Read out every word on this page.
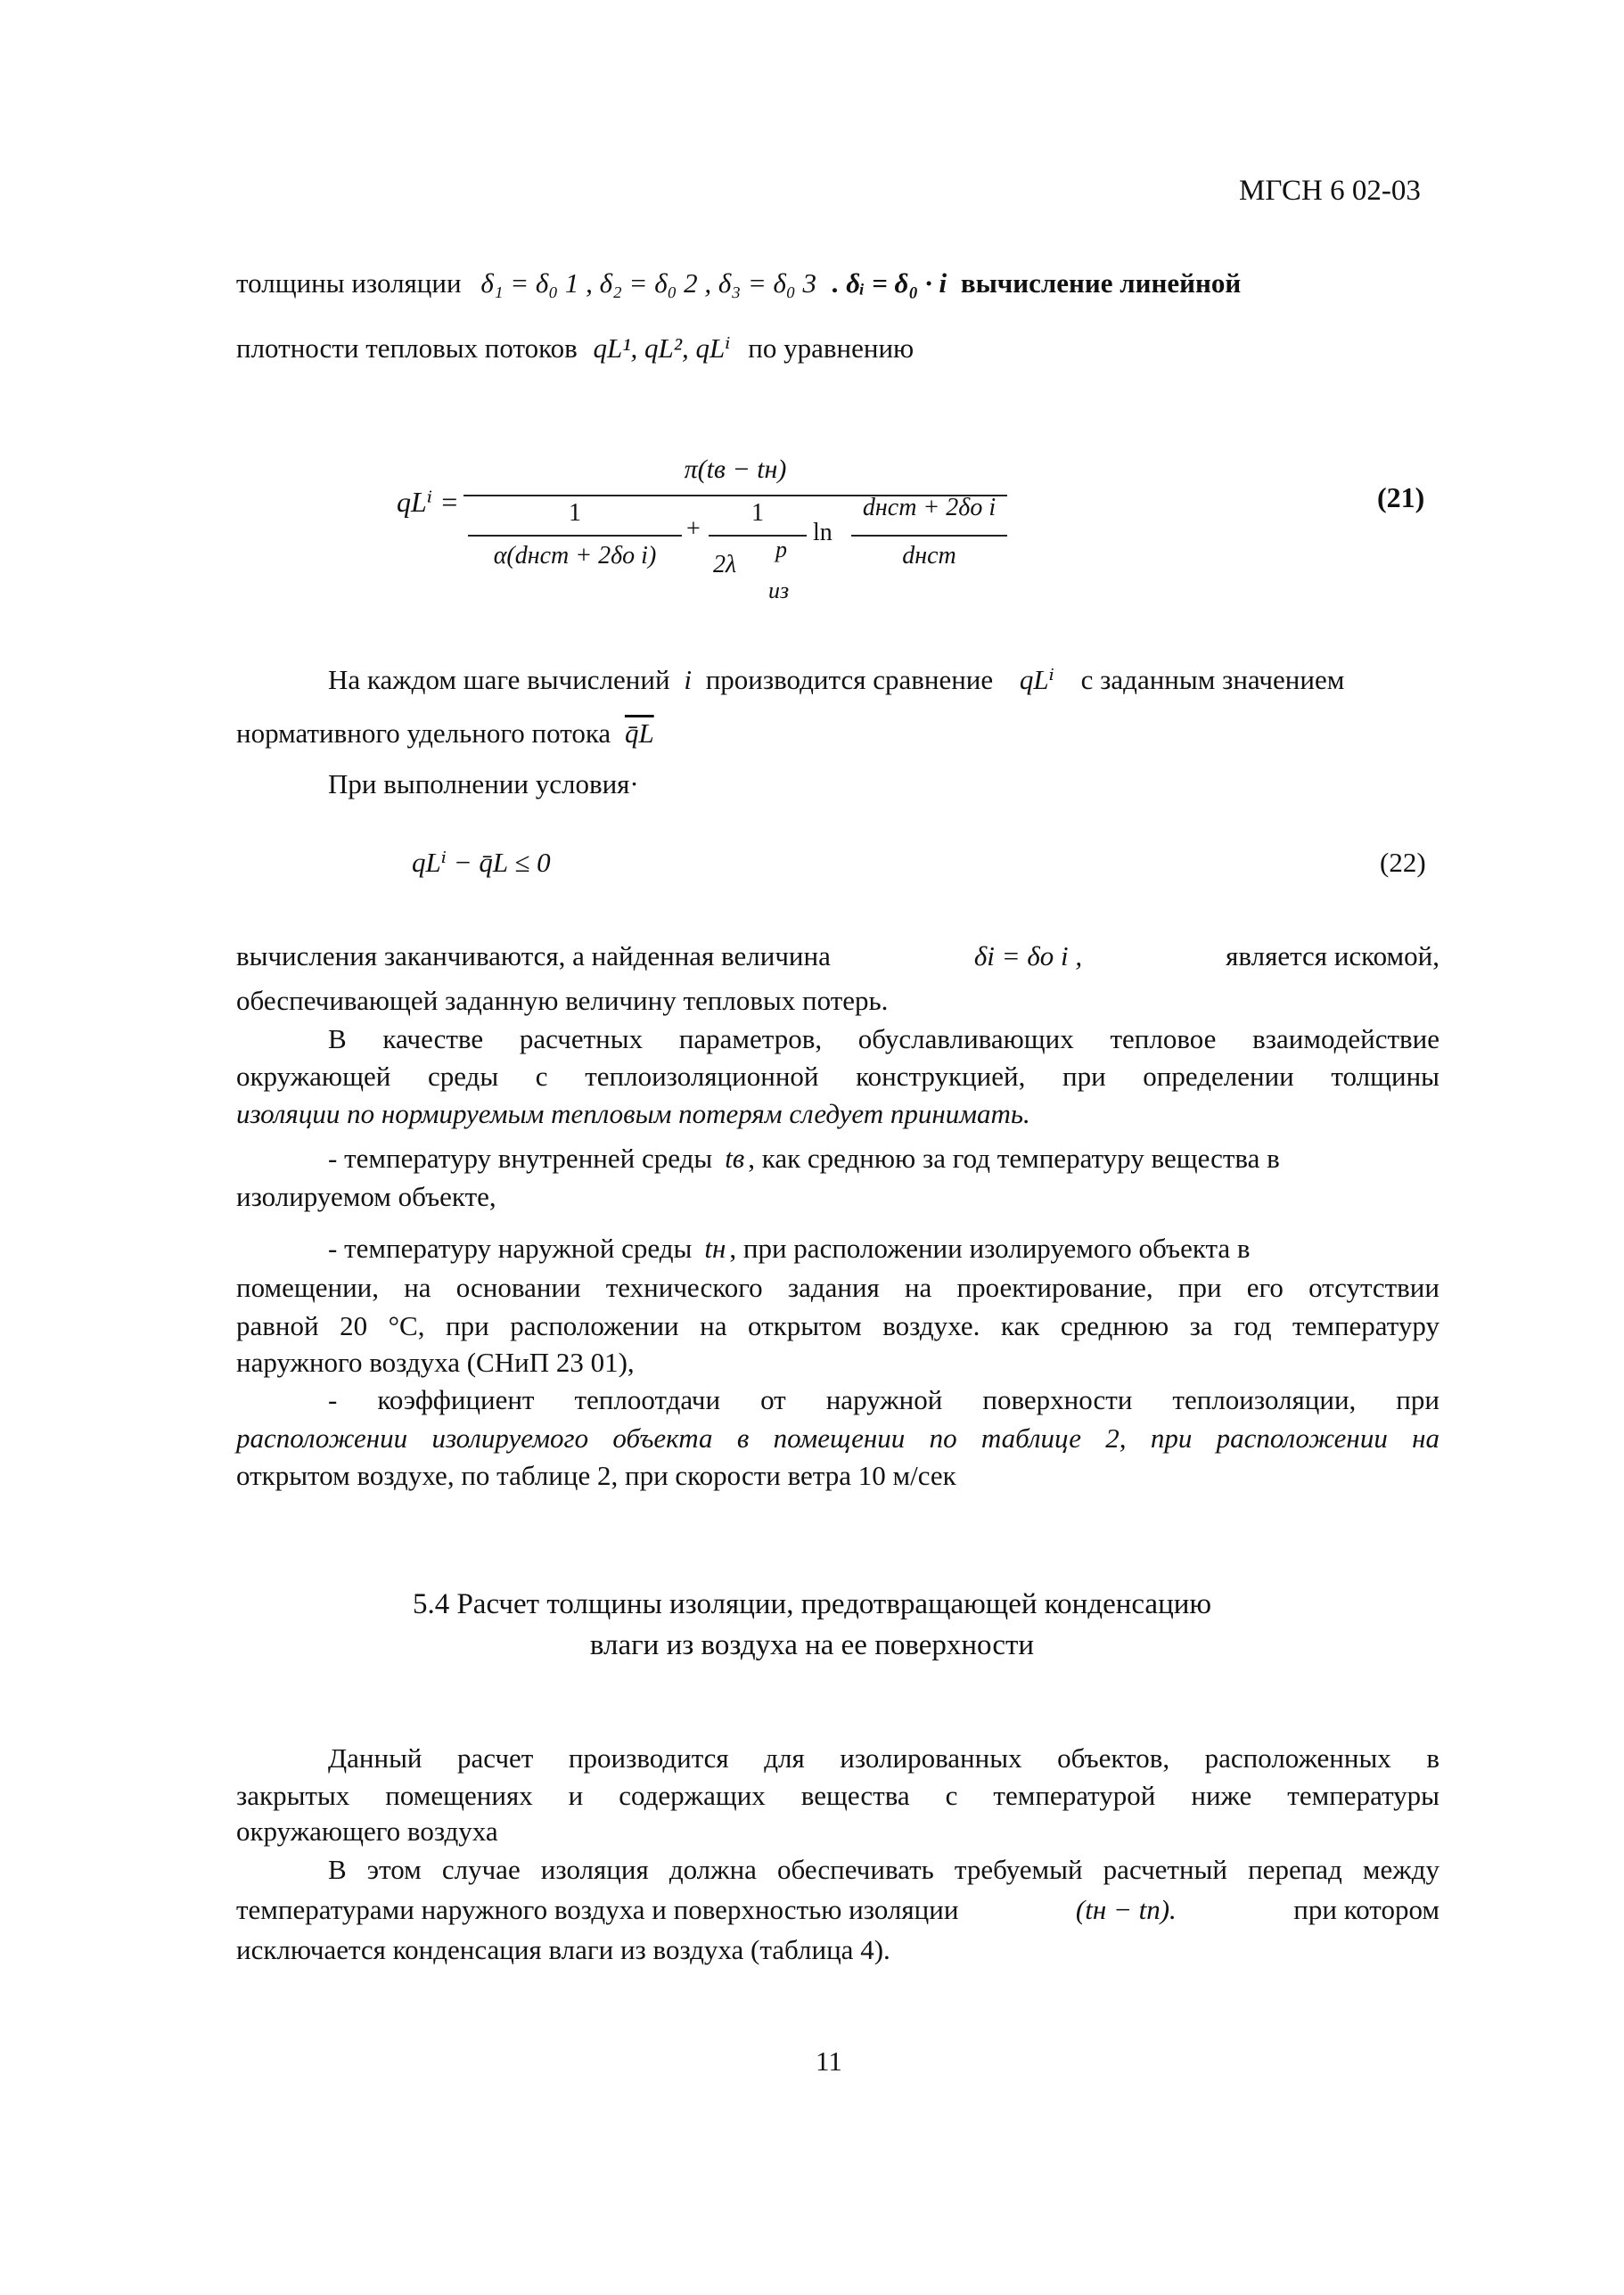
МГСН 6 02-03
толщины изоляции δ₁ = δ₀ 1 , δ₂ = δ₀ 2 , δ₃ = δ₀ 3 . δᵢ = δ₀ · i вычисление линейной
плотности тепловых потоков qL¹, qL², qLⁱ по уравнению
qLⁱ =
π(tв − tн)
1
α(dнст + 2δо i)
+
1
2λ
p
из
ln
dнст + 2δо i
dнст
(21)
На каждом шаге вычислений i производится сравнение qLⁱ с заданным значением
нормативного удельного потока q̄L
При выполнении условия·
qLⁱ − q̄L ≤ 0	(22)
вычисления заканчиваются, а найденная величина	δi = δo i ,	является искомой,
обеспечивающей заданную величину тепловых потерь.
В качестве расчетных параметров, обуславливающих тепловое взаимодействие
окружающей среды с теплоизоляционной конструкцией, при определении толщины
изоляции по нормируемым тепловым потерям следует принимать.
- температуру внутренней среды tв , как среднюю за год температуру вещества в
изолируемом объекте,
- температуру наружной среды tн , при расположении изолируемого объекта в
помещении, на основании технического задания на проектирование, при его отсутствии
равной 20 °С, при расположении на открытом воздухе. как среднюю за год температуру
наружного воздуха (СНиП 23 01),
- коэффициент теплоотдачи от наружной поверхности теплоизоляции, при
расположении изолируемого объекта в помещении по таблице 2, при расположении на
открытом воздухе, по таблице 2, при скорости ветра 10 м/сек
5.4 Расчет толщины изоляции, предотвращающей конденсацию
влаги из воздуха на ее поверхности
Данный расчет производится для изолированных объектов, расположенных в
закрытых помещениях и содержащих вещества с температурой ниже температуры
окружающего воздуха
В этом случае изоляция должна обеспечивать требуемый расчетный перепад между
температурами наружного воздуха и поверхностью изоляции	(tн − tп).	при котором
исключается конденсация влаги из воздуха (таблица 4).
11
